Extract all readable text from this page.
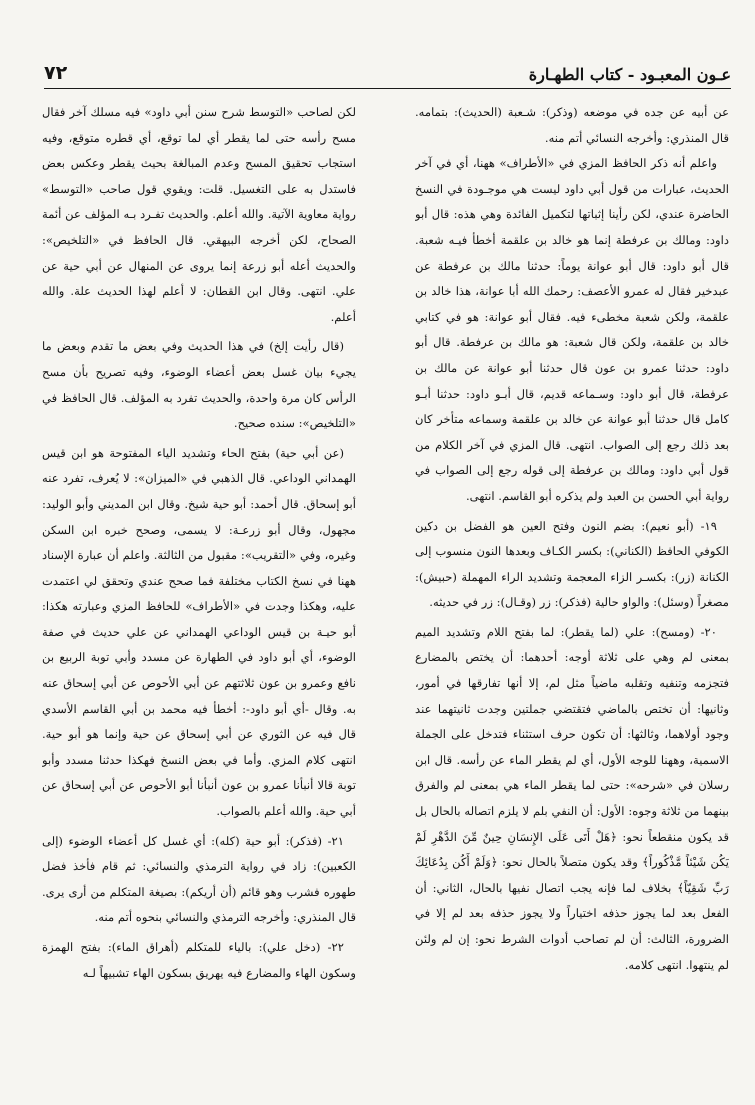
عـون المعبـود - كتاب الطهـارة
٧٢

عن أبيه عن جده في موضعه (وذكر): شـعبة (الحديث): بتمامه. قال المنذري: وأخرجه النسائي أتم منه.

واعلم أنه ذكر الحافظ المزي في «الأطراف» ههنا، أي في آخر الحديث، عبارات من قول أبي داود ليست هي موجـودة في النسخ الحاضرة عندي، لكن رأينا إثباتها لتكميل الفائدة وهي هذه: قال أبو داود: ومالك بن عرفطة إنما هو خالد بن علقمة أخطأ فيـه شعبة. قال أبو داود: قال أبو عوانة يوماً: حدثنا مالك بن عرفطة عن عبدخير فقال له عمرو الأعصف: رحمك الله أبا عوانة، هذا خالد بن علقمة، ولكن شعبة مخطىء فيه. فقال أبو عوانة: هو في كتابي خالد بن علقمة، ولكن قال شعبة: هو مالك بن عرفطة. قال أبو داود: حدثنا عمرو بن عون قال حدثنا أبو عوانة عن مالك بن عرفطة، قال أبو داود: وسـماعه قديم، قال أبـو داود: حدثنا أبـو كامل قال حدثنا أبو عوانة عن خالد بن علقمة وسماعه متأخر كان بعد ذلك رجع إلى الصواب. انتهى. قال المزي في آخر الكلام من قول أبي داود: ومالك بن عرفطة إلى قوله رجع إلى الصواب في رواية أبي الحسن بن العبد ولم يذكره أبو القاسم. انتهى.

١٩- (أبو نعيم): بضم النون وفتح العين هو الفضل بن دكين الكوفي الحافظ (الكناني): بكسر الكـاف وبعدها النون منسوب إلى الكنانة (زر): بكسـر الزاء المعجمة وتشديد الراء المهملة (حبيش): مصغراً (وسئل): والواو حالية (فذكر): زر (وقـال): زر في حديثه.

٢٠- (ومسح): علي (لما يقطر): لما بفتح اللام وتشديد الميم بمعنى لم وهي على ثلاثة أوجه: أحدهما: أن يختص بالمضارع فتجزمه وتنفيه وتقلبه ماضياً مثل لم، إلا أنها تفارقها في أمور، وثانيها: أن تختص بالماضي فتقتضي جملتين وجدت ثانيتهما عند وجود أولاهما، وثالثها: أن تكون حرف استثناء فتدخل على الجملة الاسمية، وههنا للوجه الأول، أي لم يقطر الماء عن رأسه. قال ابن رسلان في «شرحه»: حتى لما يقطر الماء هي بمعنى لم والفرق بينهما من ثلاثة وجوه: الأول: أن النفي بلم لا يلزم اتصاله بالحال بل قد يكون منقطعاً نحو: ﴿هَلْ أَتَى عَلَى الإِنسَانِ حِينٌ مِّنَ الدَّهْرِ لَمْ يَكُن شَيْئاً مَّذْكُوراً﴾ وقد يكون متصلاً بالحال نحو: ﴿وَلَمْ أَكُن بِدُعَائِكَ رَبِّ شَقِيّاً﴾ بخلاف لما فإنه يجب اتصال نفيها بالحال، الثاني: أن الفعل بعد لما يجوز حذفه اختياراً ولا يجوز حذفه بعد لم إلا في الضرورة، الثالث: أن لم تصاحب أدوات الشرط نحو: إن لم ولئن لم ينتهوا. انتهى كلامه.

لكن لصاحب «التوسط شرح سنن أبي داود» فيه مسلك آخر فقال مسح رأسه حتى لما يقطر أي لما توقع، أي قطره متوقع، وفيه استجاب تحقيق المسح وعدم المبالغة بحيث يقطر وعكس بعض فاستدل به على التغسيل. قلت: ويقوي قول صاحب «التوسط» رواية معاوية الآتية. والله أعلم. والحديث تفـرد بـه المؤلف عن أئمة الصحاح، لكن أخرجه البيهقي. قال الحافظ في «التلخيص»: والحديث أعله أبو زرعة إنما يروى عن المنهال عن أبي حية عن علي. انتهى. وقال ابن القطان: لا أعلم لهذا الحديث علة. والله أعلم.

(قال رأيت إلخ) في هذا الحديث وفي بعض ما تقدم وبعض ما يجيء بيان غسل بعض أعضاء الوضوء، وفيه تصريح بأن مسح الرأس كان مرة واحدة، والحديث تفرد به المؤلف. قال الحافظ في «التلخيص»: سنده صحيح.

(عن أبي حية) بفتح الحاء وتشديد الياء المفتوحة هو ابن قيس الهمداني الوداعي. قال الذهبي في «الميزان»: لا يُعرف، تفرد عنه أبو إسحاق. قال أحمد: أبو حية شيخ. وقال ابن المديني وأبو الوليد: مجهول، وقال أبو زرعـة: لا يسمى، وصحح خبره ابن السكن وغيره، وفي «التقريب»: مقبول من الثالثة. واعلم أن عبارة الإسناد ههنا في نسخ الكتاب مختلفة فما صحح عندي وتحقق لي اعتمدت عليه، وهكذا وجدت في «الأطراف» للحافظ المزي وعبارته هكذا: أبو حيـة بن قيس الوداعي الهمداني عن علي حديث في صفة الوضوء، أي أبو داود في الطهارة عن مسدد وأبي توبة الربيع بن نافع وعمرو بن عون ثلاثتهم عن أبي الأحوص عن أبي إسحاق عنه به. وقال -أي أبو داود-: أخطأ فيه محمد بن أبي القاسم الأسدي قال فيه عن الثوري عن أبي إسحاق عن حية وإنما هو أبو حية. انتهى كلام المزي. وأما في بعض النسخ فهكذا حدثنا مسدد وأبو توبة قالا أنبأنا عمرو بن عون أنبأنا أبو الأحوص عن أبي إسحاق عن أبي حية. والله أعلم بالصواب.

٢١- (فذكر): أبو حية (كله): أي غسل كل أعضاء الوضوء (إلى الكعبين): زاد في رواية الترمذي والنسائي: ثم قام فأخذ فضل طهوره فشرب وهو قائم (أن أريكم): بصيغة المتكلم من أرى يرى. قال المنذري: وأخرجه الترمذي والنسائي بنحوه أتم منه.

٢٢- (دخل علي): بالياء للمتكلم (أهراق الماء): بفتح الهمزة وسكون الهاء والمضارع فيه يهريق بسكون الهاء تشبيهاً لـه
